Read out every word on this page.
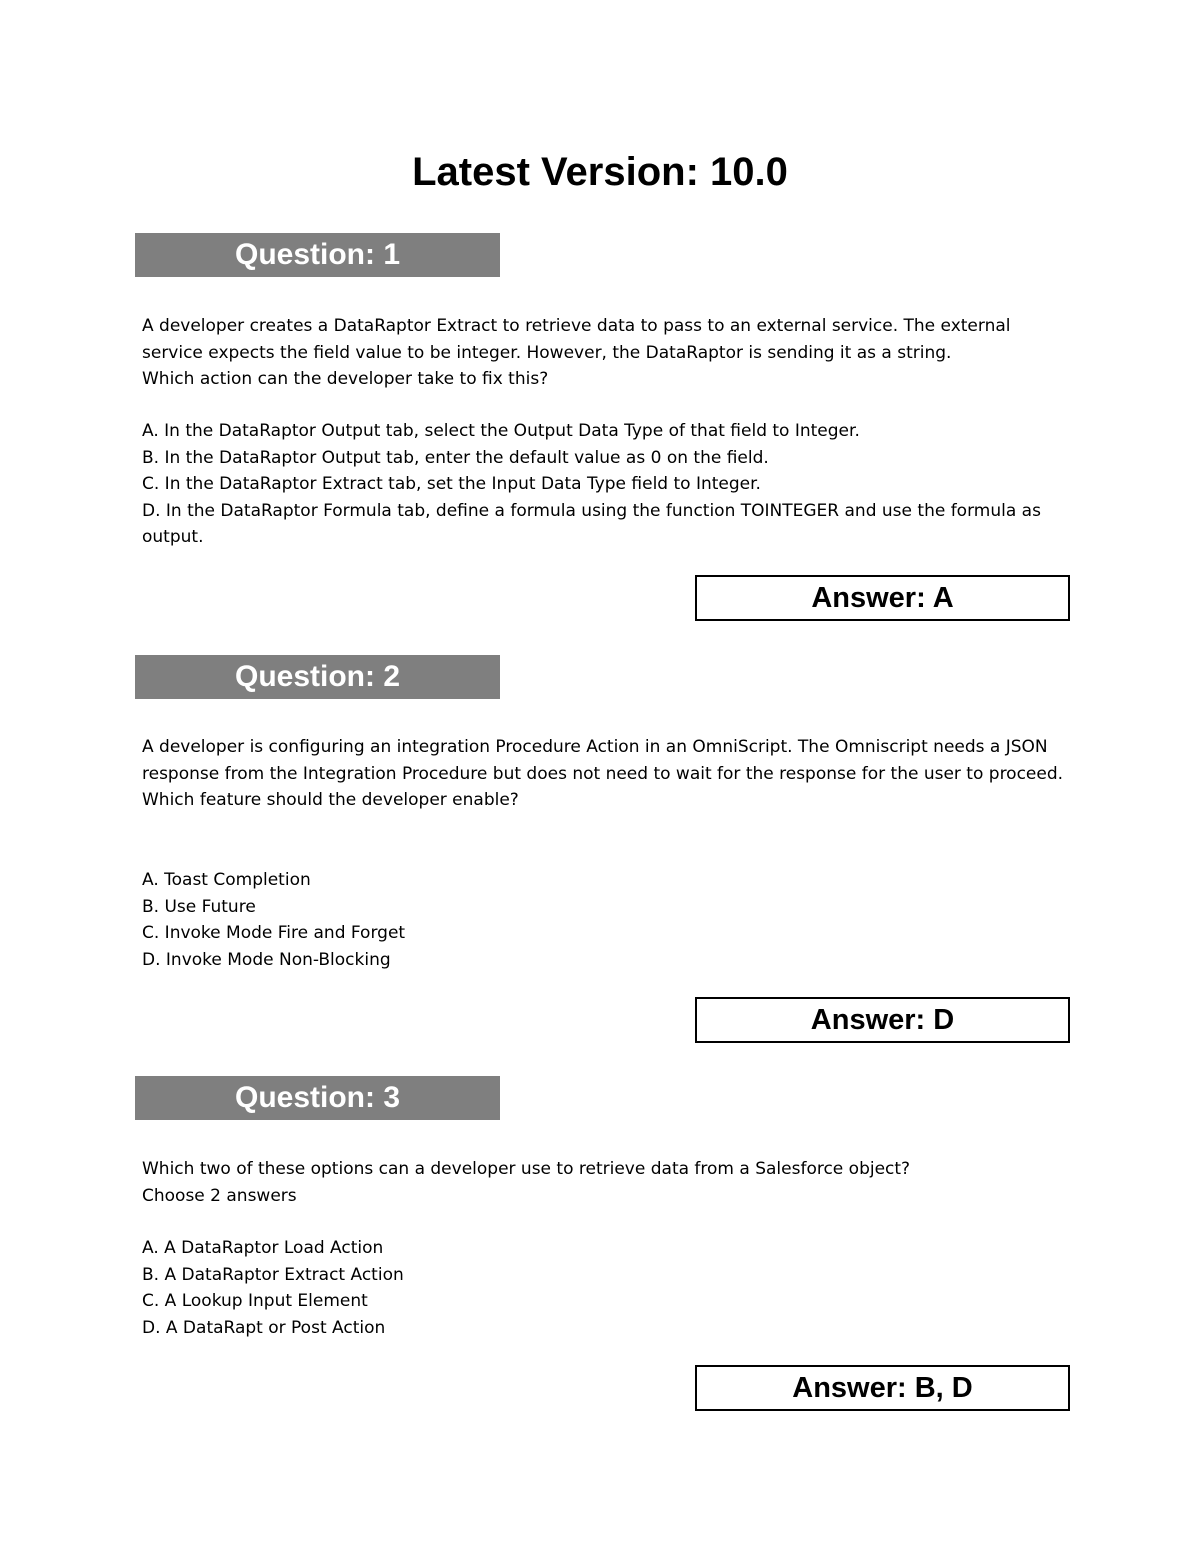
Latest Version: 10.0
Question: 1
A developer creates a DataRaptor Extract to retrieve data to pass to an external service. The external service expects the field value to be integer. However, the DataRaptor is sending it as a string.
Which action can the developer take to fix this?
A. In the DataRaptor Output tab, select the Output Data Type of that field to Integer.
B. In the DataRaptor Output tab, enter the default value as 0 on the field.
C. In the DataRaptor Extract tab, set the Input Data Type field to Integer.
D. In the DataRaptor Formula tab, define a formula using the function TOINTEGER and use the formula as output.
Answer: A
Question: 2
A developer is configuring an integration Procedure Action in an OmniScript. The Omniscript needs a JSON response from the Integration Procedure but does not need to wait for the response for the user to proceed.
Which feature should the developer enable?
A. Toast Completion
B. Use Future
C. Invoke Mode Fire and Forget
D. Invoke Mode Non-Blocking
Answer: D
Question: 3
Which two of these options can a developer use to retrieve data from a Salesforce object?
Choose 2 answers
A. A DataRaptor Load Action
B. A DataRaptor Extract Action
C. A Lookup Input Element
D. A DataRapt or Post Action
Answer: B, D
